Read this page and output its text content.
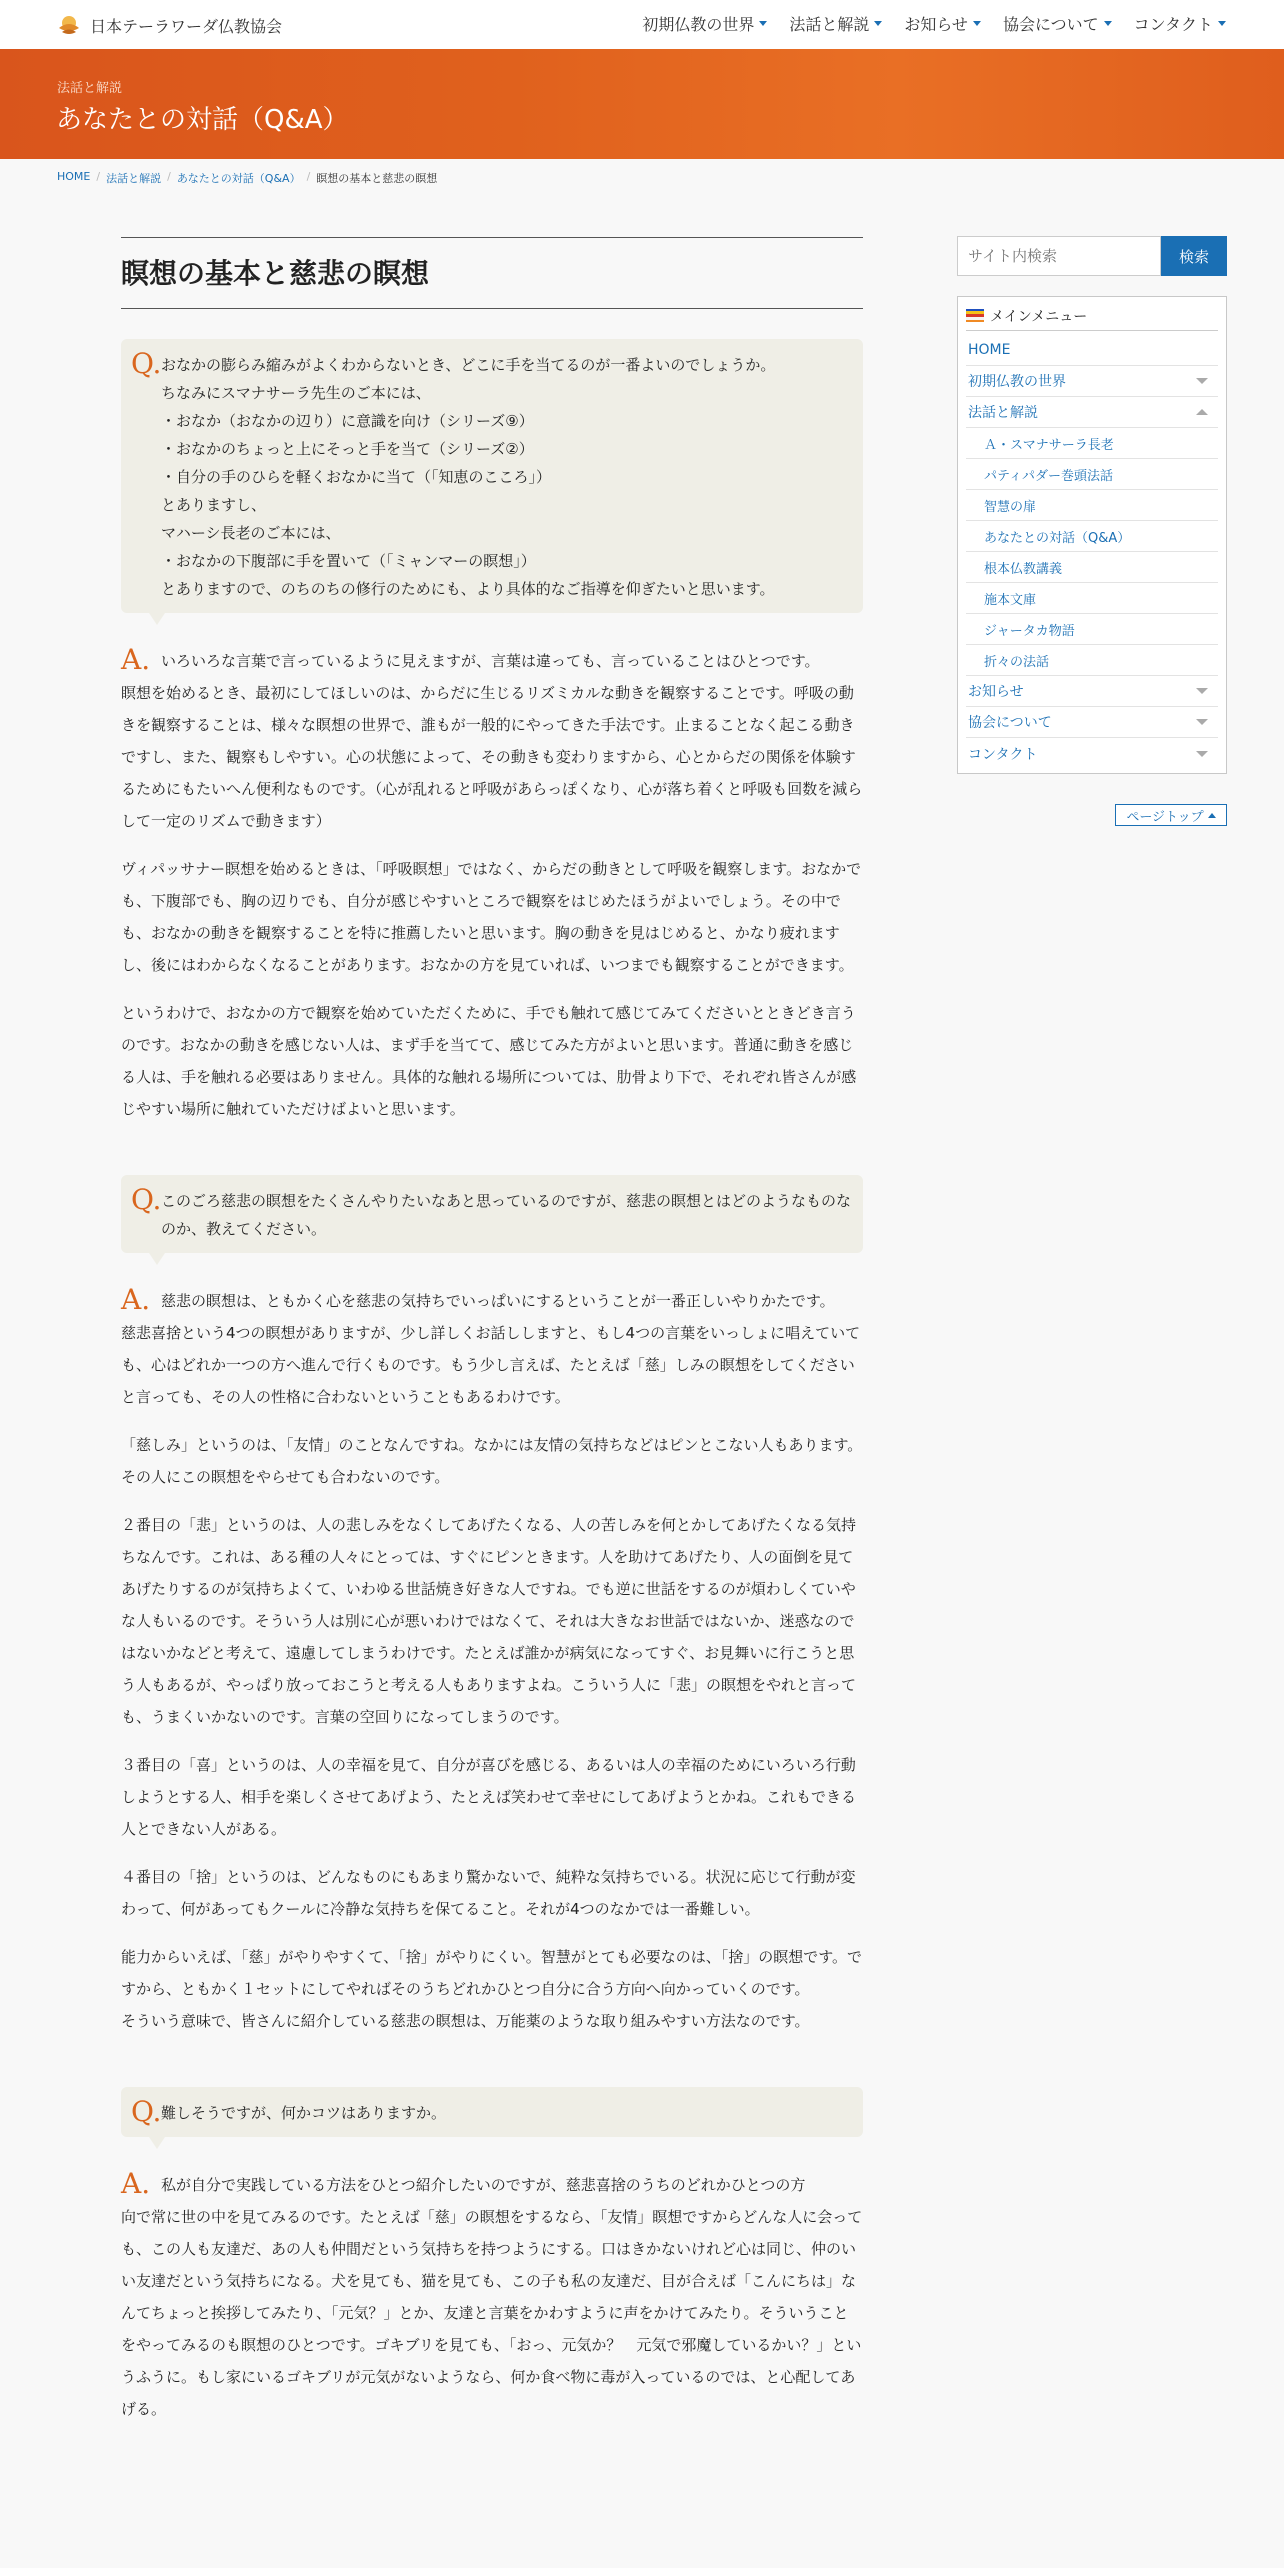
日本テーラワーダ仏教協会	初期仏教の世界 法話と解説 お知らせ 協会について コンタクト
法話と解説
あなたとの対話（Q&A）
HOME / 法話と解説 / あなたとの対話（Q&A） / 瞑想の基本と慈悲の瞑想
瞑想の基本と慈悲の瞑想
Q. おなかの膨らみ縮みがよくわからないとき、どこに手を当てるのが一番よいのでしょうか。
ちなみにスマナサーラ先生のご本には、
・おなか（おなかの辺り）に意識を向け（シリーズ⑨）
・おなかのちょっと上にそっと手を当て（シリーズ②）
・自分の手のひらを軽くおなかに当て（「知恵のこころ」）
とありますし、
マハーシ長老のご本には、
・おなかの下腹部に手を置いて（「ミャンマーの瞑想」）
とありますので、のちのちの修行のためにも、より具体的なご指導を仰ぎたいと思います。
A. いろいろな言葉で言っているように見えますが、言葉は違っても、言っていることはひとつです。

瞑想を始めるとき、最初にしてほしいのは、からだに生じるリズミカルな動きを観察することです。呼吸の動きを観察することは、様々な瞑想の世界で、誰もが一般的にやってきた手法です。止まることなく起こる動きですし、また、観察もしやすい。心の状態によって、その動きも変わりますから、心とからだの関係を体験するためにもたいへん便利なものです。（心が乱れると呼吸があらっぽくなり、心が落ち着くと呼吸も回数を減らして一定のリズムで動きます）

ヴィパッサナー瞑想を始めるときは、「呼吸瞑想」ではなく、からだの動きとして呼吸を観察します。おなかでも、下腹部でも、胸の辺りでも、自分が感じやすいところで観察をはじめたほうがよいでしょう。その中でも、おなかの動きを観察することを特に推薦したいと思います。胸の動きを見はじめると、かなり疲れますし、後にはわからなくなることがあります。おなかの方を見ていれば、いつまでも観察することができます。

というわけで、おなかの方で観察を始めていただくために、手でも触れて感じてみてくださいとときどき言うのです。おなかの動きを感じない人は、まず手を当てて、感じてみた方がよいと思います。普通に動きを感じる人は、手を触れる必要はありません。具体的な触れる場所については、肋骨より下で、それぞれ皆さんが感じやすい場所に触れていただけばよいと思います。

Q. このごろ慈悲の瞑想をたくさんやりたいなあと思っているのですが、慈悲の瞑想とはどのようなものなのか、教えてください。
A. 慈悲の瞑想は、ともかく心を慈悲の気持ちでいっぱいにするということが一番正しいやりかたです。

慈悲喜捨という4つの瞑想がありますが、少し詳しくお話ししますと、もし4つの言葉をいっしょに唱えていても、心はどれか一つの方へ進んで行くものです。もう少し言えば、たとえば「慈」しみの瞑想をしてくださいと言っても、その人の性格に合わないということもあるわけです。

「慈しみ」というのは、「友情」のことなんですね。なかには友情の気持ちなどはピンとこない人もあります。その人にこの瞑想をやらせても合わないのです。

２番目の「悲」というのは、人の悲しみをなくしてあげたくなる、人の苦しみを何とかしてあげたくなる気持ちなんです。これは、ある種の人々にとっては、すぐにピンときます。人を助けてあげたり、人の面倒を見てあげたりするのが気持ちよくて、いわゆる世話焼き好きな人ですね。でも逆に世話をするのが煩わしくていやな人もいるのです。そういう人は別に心が悪いわけではなくて、それは大きなお世話ではないか、迷惑なのではないかなどと考えて、遠慮してしまうわけです。たとえば誰かが病気になってすぐ、お見舞いに行こうと思う人もあるが、やっぱり放っておこうと考える人もありますよね。こういう人に「悲」の瞑想をやれと言っても、うまくいかないのです。言葉の空回りになってしまうのです。

３番目の「喜」というのは、人の幸福を見て、自分が喜びを感じる、あるいは人の幸福のためにいろいろ行動しようとする人、相手を楽しくさせてあげよう、たとえば笑わせて幸せにしてあげようとかね。これもできる人とできない人がある。

４番目の「捨」というのは、どんなものにもあまり驚かないで、純粋な気持ちでいる。状況に応じて行動が変わって、何があってもクールに冷静な気持ちを保てること。それが4つのなかでは一番難しい。

能力からいえば、「慈」がやりやすくて、「捨」がやりにくい。智慧がとても必要なのは、「捨」の瞑想です。ですから、ともかく１セットにしてやればそのうちどれかひとつ自分に合う方向へ向かっていくのです。

そういう意味で、皆さんに紹介している慈悲の瞑想は、万能薬のような取り組みやすい方法なのです。

Q. 難しそうですが、何かコツはありますか。
A. 私が自分で実践している方法をひとつ紹介したいのですが、慈悲喜捨のうちのどれかひとつの方

向で常に世の中を見てみるのです。たとえば「慈」の瞑想をするなら、「友情」瞑想ですからどんな人に会っても、この人も友達だ、あの人も仲間だという気持ちを持つようにする。口はきかないけれど心は同じ、仲のいい友達だという気持ちになる。犬を見ても、猫を見ても、この子も私の友達だ、目が合えば「こんにちは」なんてちょっと挨拶してみたり、「元気？」とか、友達と言葉をかわすように声をかけてみたり。そういうことをやってみるのも瞑想のひとつです。ゴキブリを見ても、「おっ、元気か？　元気で邪魔しているかい？」というふうに。もし家にいるゴキブリが元気がないようなら、何か食べ物に毒が入っているのでは、と心配してあげる。

サイト内検索
検索
メインメニュー
HOME
初期仏教の世界
法話と解説
Ａ・スマナサーラ長老
パティパダー巻頭法話
智慧の扉
あなたとの対話（Q&A）
根本仏教講義
施本文庫
ジャータカ物語
折々の法話
お知らせ
協会について
コンタクト
ページトップ
